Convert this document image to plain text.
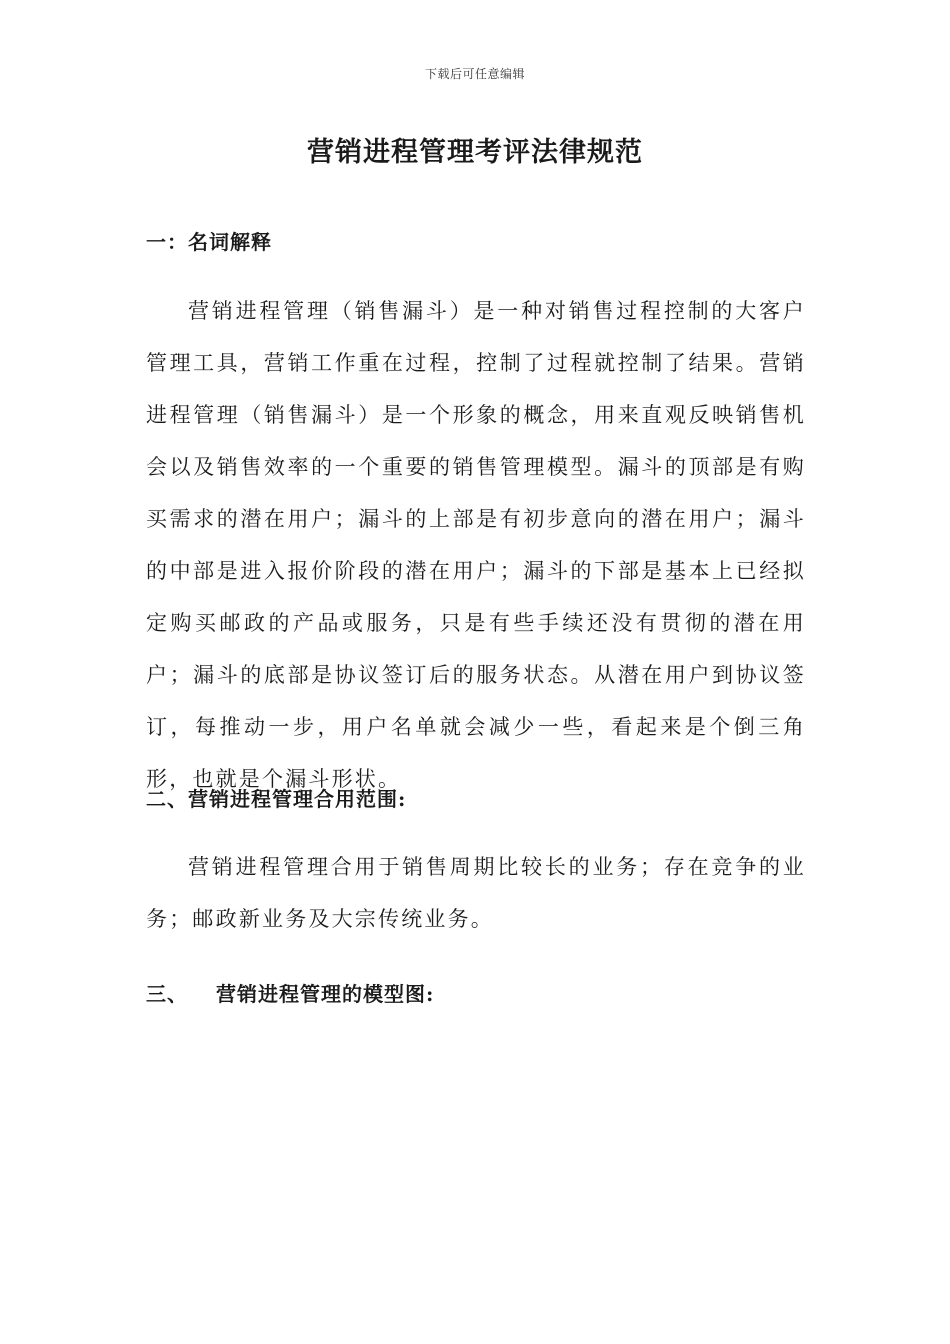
下载后可任意编辑
营销进程管理考评法律规范
一：名词解释

营销进程管理（销售漏斗）是一种对销售过程控制的大客户管理工具，营销工作重在过程，控制了过程就控制了结果。营销进程管理（销售漏斗）是一个形象的概念，用来直观反映销售机会以及销售效率的一个重要的销售管理模型。漏斗的顶部是有购买需求的潜在用户；漏斗的上部是有初步意向的潜在用户；漏斗的中部是进入报价阶段的潜在用户；漏斗的下部是基本上已经拟定购买邮政的产品或服务，只是有些手续还没有贯彻的潜在用户；漏斗的底部是协议签订后的服务状态。从潜在用户到协议签订，每推动一步，用户名单就会减少一些，看起来是个倒三角形，也就是个漏斗形状。

二、营销进程管理合用范围:

营销进程管理合用于销售周期比较长的业务；存在竞争的业务；邮政新业务及大宗传统业务。

三、 营销进程管理的模型图:
